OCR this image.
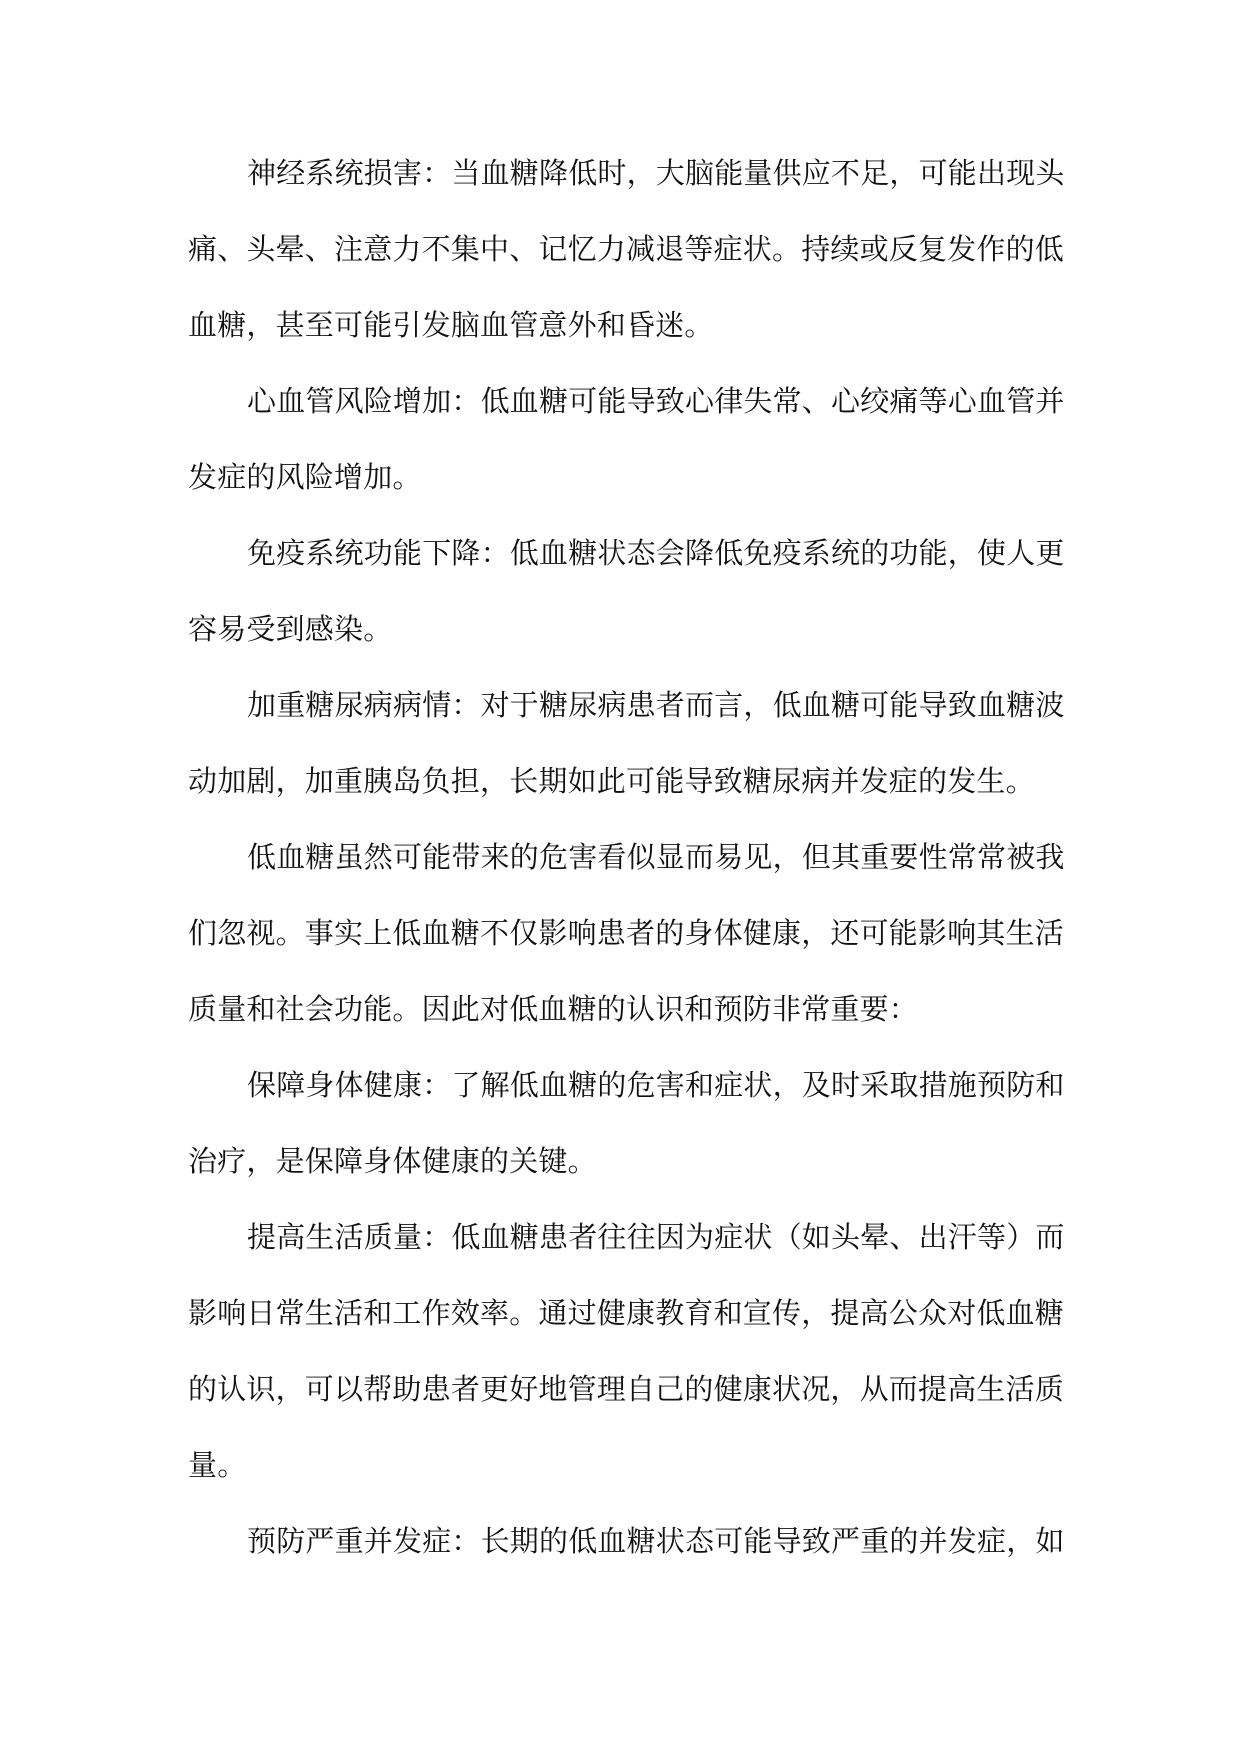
神经系统损害：当血糖降低时，大脑能量供应不足，可能出现头
痛、头晕、注意力不集中、记忆力减退等症状。持续或反复发作的低
血糖，甚至可能引发脑血管意外和昏迷。
心血管风险增加：低血糖可能导致心律失常、心绞痛等心血管并
发症的风险增加。
免疫系统功能下降：低血糖状态会降低免疫系统的功能，使人更
容易受到感染。
加重糖尿病病情：对于糖尿病患者而言，低血糖可能导致血糖波
动加剧，加重胰岛负担，长期如此可能导致糖尿病并发症的发生。
低血糖虽然可能带来的危害看似显而易见，但其重要性常常被我
们忽视。事实上低血糖不仅影响患者的身体健康，还可能影响其生活
质量和社会功能。因此对低血糖的认识和预防非常重要：
保障身体健康：了解低血糖的危害和症状，及时采取措施预防和
治疗，是保障身体健康的关键。
提高生活质量：低血糖患者往往因为症状（如头晕、出汗等）而
影响日常生活和工作效率。通过健康教育和宣传，提高公众对低血糖
的认识，可以帮助患者更好地管理自己的健康状况，从而提高生活质
量。
预防严重并发症：长期的低血糖状态可能导致严重的并发症，如
